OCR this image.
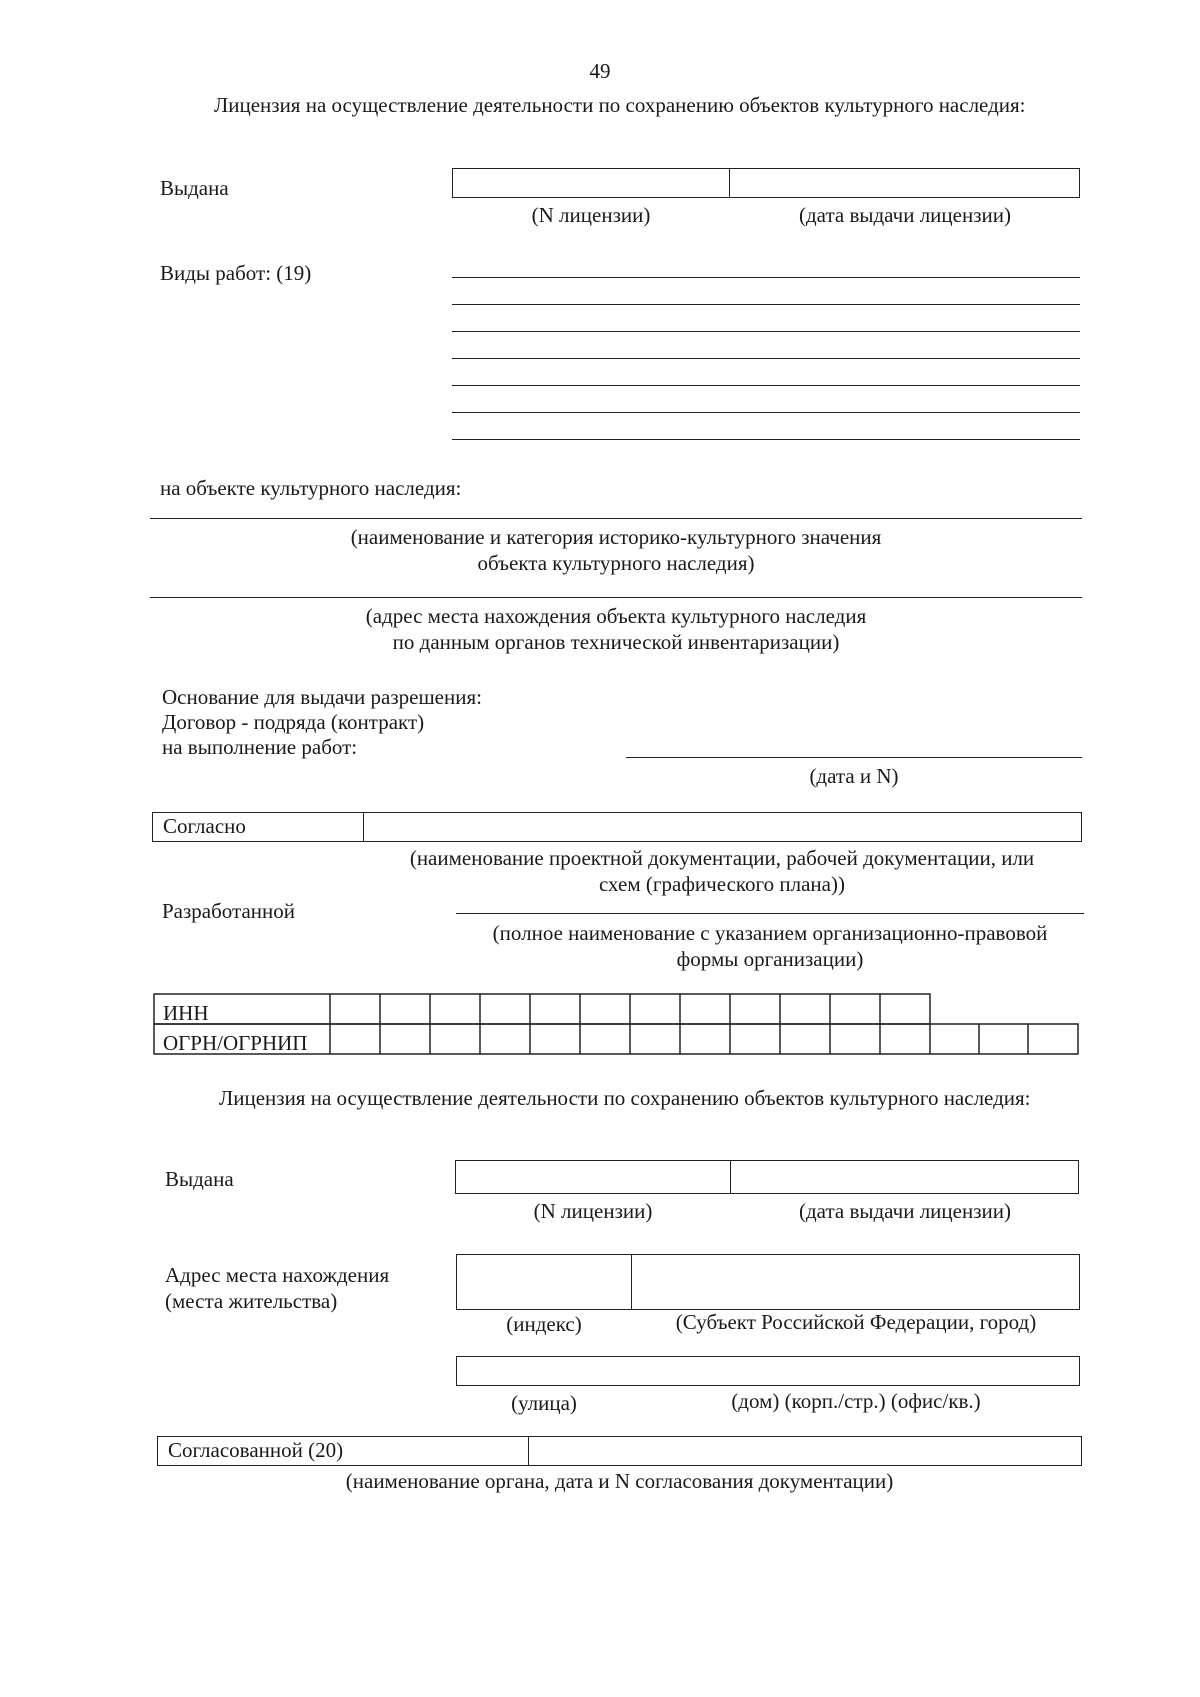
49
Лицензия на осуществление деятельности по сохранению объектов культурного наследия:
Выдана
(N лицензии)	(дата выдачи лицензии)
Виды работ: (19)
на объекте культурного наследия:
(наименование и категория историко-культурного значения
объекта культурного наследия)
(адрес места нахождения объекта культурного наследия
по данным органов технической инвентаризации)
Основание для выдачи разрешения:
Договор - подряда (контракт)
на выполнение работ:
(дата и N)
Согласно
(наименование проектной документации, рабочей документации, или
схем (графического плана))
Разработанной
(полное наименование с указанием организационно-правовой
формы организации)
ИНН
ОГРН/ОГРНИП
Лицензия на осуществление деятельности по сохранению объектов культурного наследия:
Выдана
(N лицензии)	(дата выдачи лицензии)
Адрес места нахождения
(места жительства)
(индекс)	(Субъект Российской Федерации, город)
(улица)	(дом) (корп./стр.) (офис/кв.)
Согласованной (20)
(наименование органа, дата и N согласования документации)
